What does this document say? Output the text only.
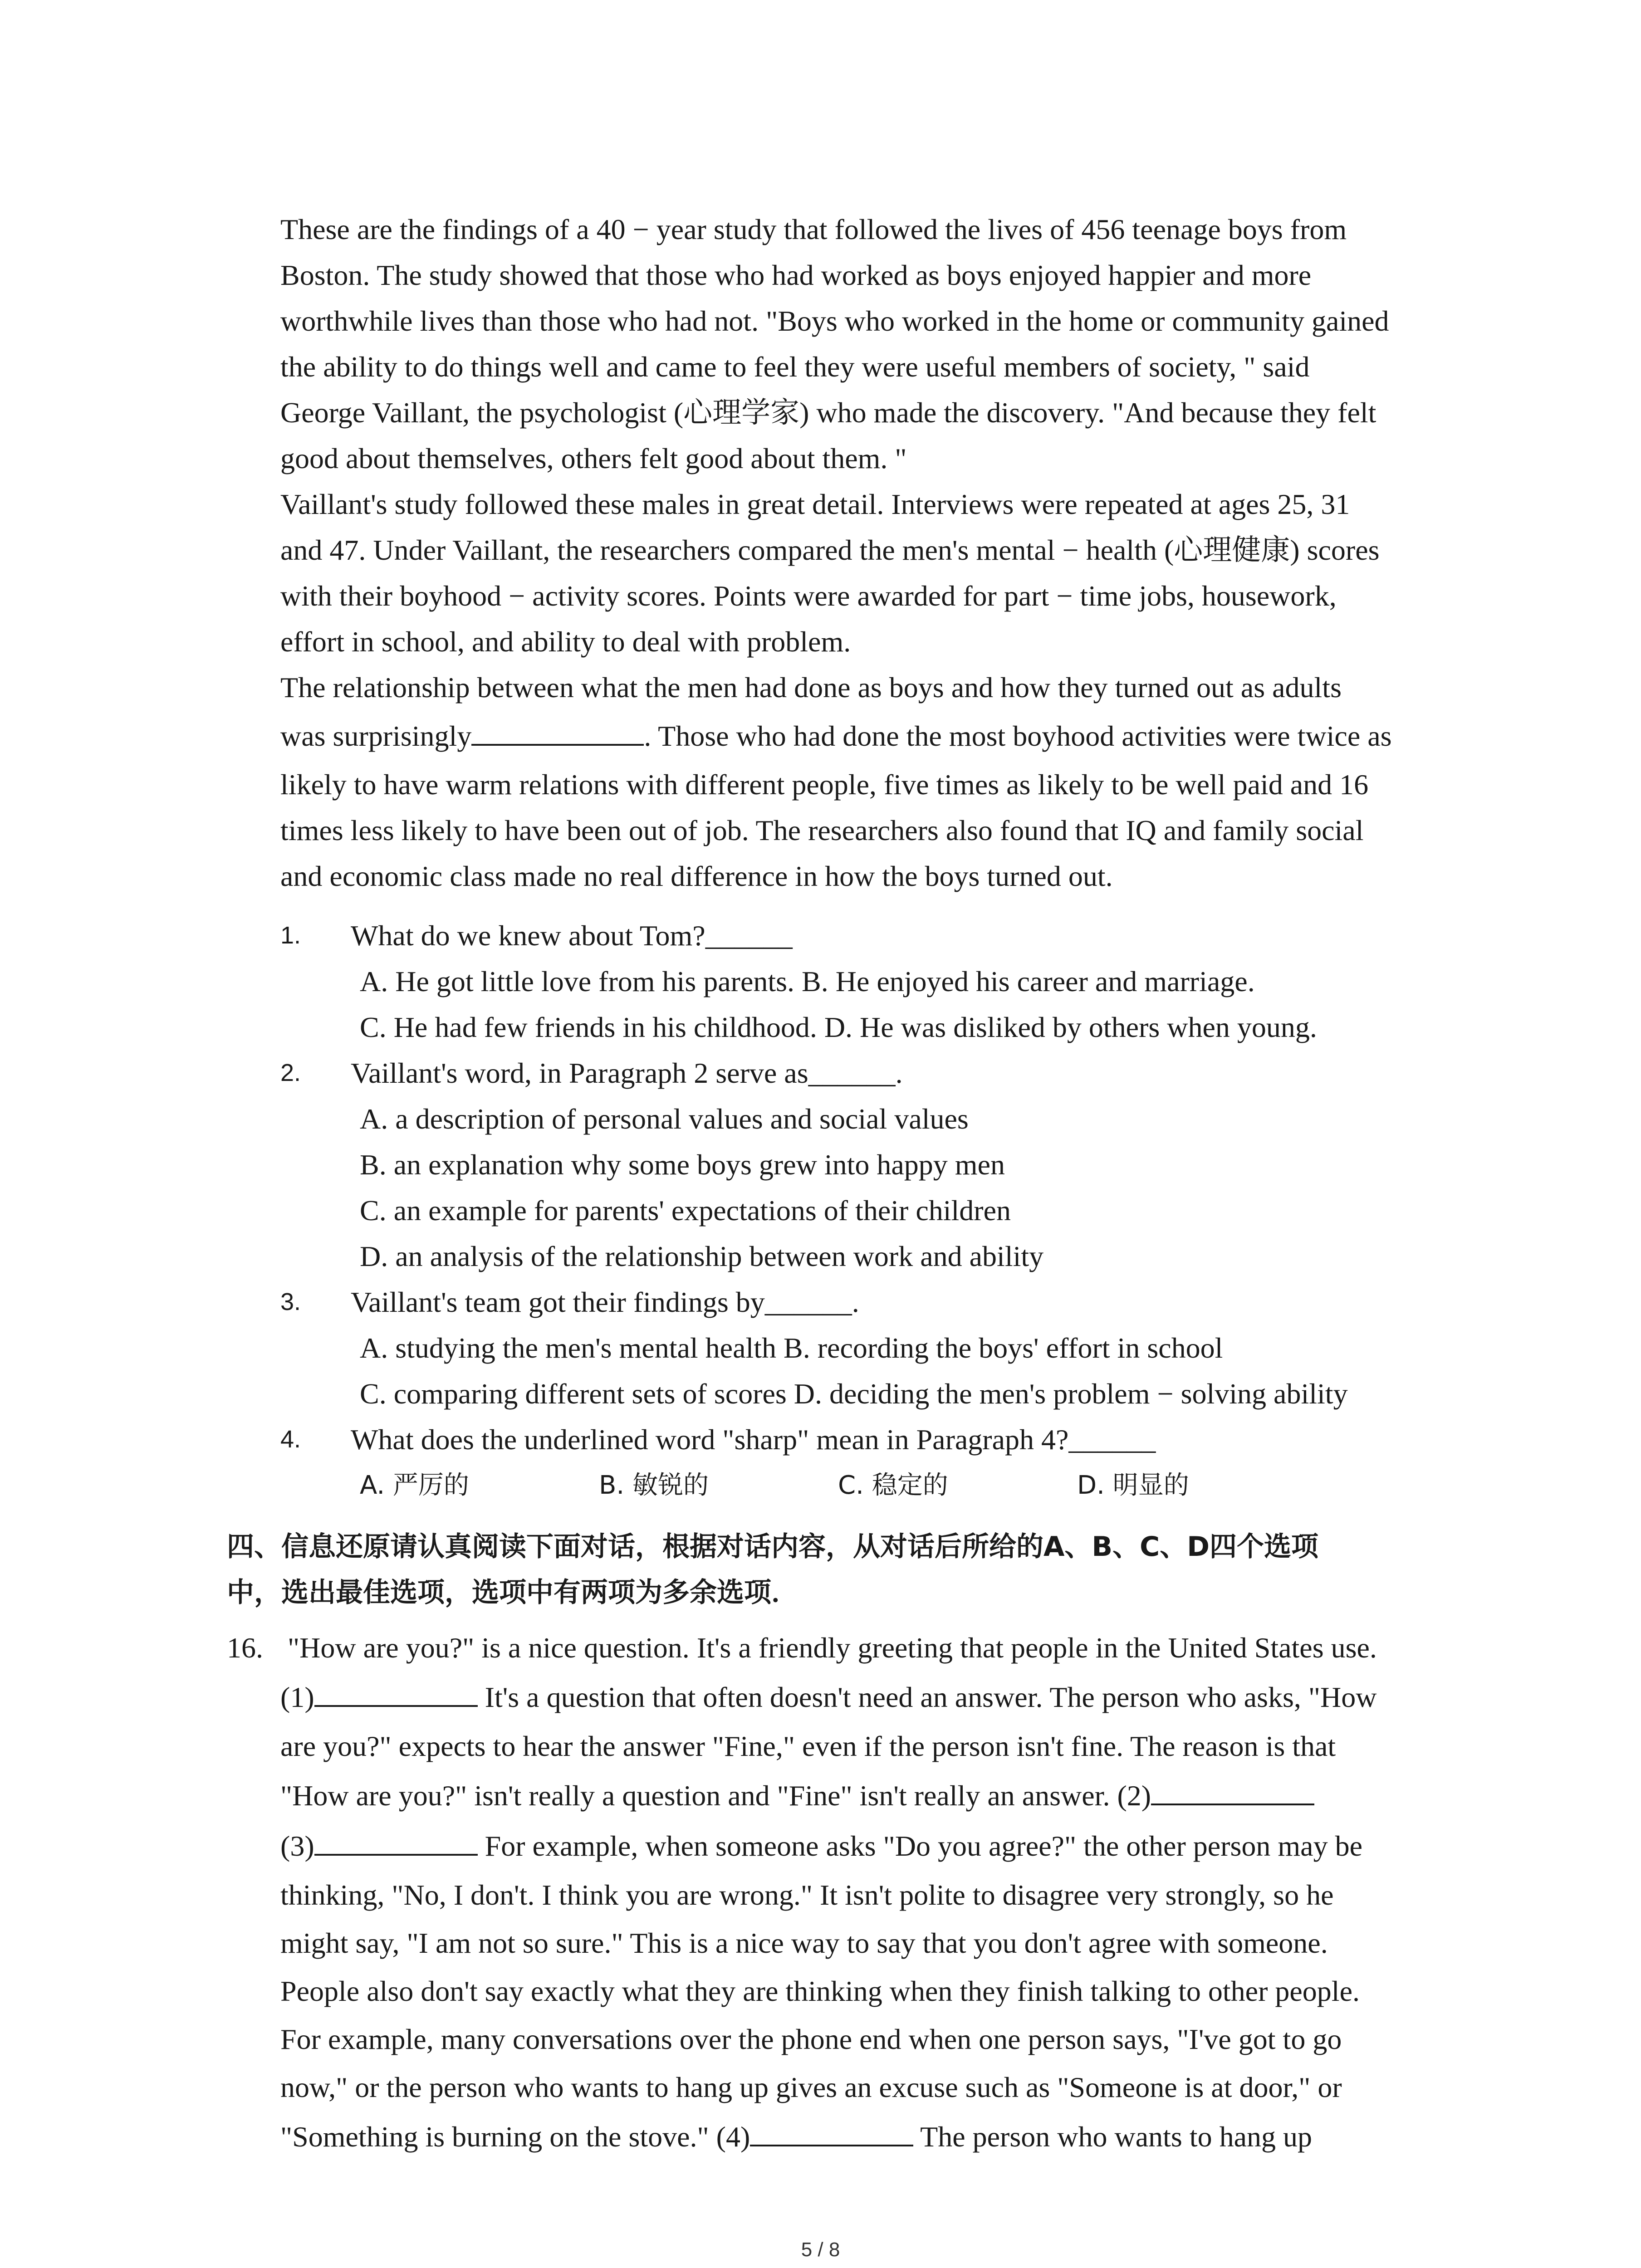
These are the findings of a 40 − year study that followed the lives of 456 teenage boys from
Boston. The study showed that those who had worked as boys enjoyed happier and more
worthwhile lives than those who had not. "Boys who worked in the home or community gained
the ability to do things well and came to feel they were useful members of society, " said
George Vaillant, the psychologist (心理学家) who made the discovery. "And because they felt
good about themselves, others felt good about them. "
Vaillant's study followed these males in great detail. Interviews were repeated at ages 25, 31
and 47. Under Vaillant, the researchers compared the men's mental − health (心理健康) scores
with their boyhood − activity scores. Points were awarded for part − time jobs, housework,
effort in school, and ability to deal with problem.
The relationship between what the men had done as boys and how they turned out as adults
was surprisingly	. Those who had done the most boyhood activities were twice as
likely to have warm relations with different people, five times as likely to be well paid and 16
times less likely to have been out of job. The researchers also found that IQ and family social
and economic class made no real difference in how the boys turned out.
1.	What do we knew about Tom?______
A. He got little love from his parents. B. He enjoyed his career and marriage.
C. He had few friends in his childhood. D. He was disliked by others when young.
2.	Vaillant's word, in Paragraph 2 serve as______.
A. a description of personal values and social values
B. an explanation why some boys grew into happy men
C. an example for parents' expectations of their children
D. an analysis of the relationship between work and ability
3.	Vaillant's team got their findings by______.
A. studying the men's mental health B. recording the boys' effort in school
C. comparing different sets of scores D. deciding the men's problem − solving ability
4.	What does the underlined word "sharp" mean in Paragraph 4?______
A. 严厉的	B. 敏锐的	C. 稳定的	D. 明显的
四、信息还原请认真阅读下面对话，根据对话内容，从对话后所给的A、B、C、D四个选项
中，选出最佳选项，选项中有两项为多余选项．
16. "How are you?" is a nice question. It's a friendly greeting that people in the United States use.
(1)	It's a question that often doesn't need an answer. The person who asks, "How
are you?" expects to hear the answer "Fine," even if the person isn't fine. The reason is that
"How are you?" isn't really a question and "Fine" isn't really an answer. (2)
(3)	For example, when someone asks "Do you agree?" the other person may be
thinking, "No, I don't. I think you are wrong." It isn't polite to disagree very strongly, so he
might say, "I am not so sure." This is a nice way to say that you don't agree with someone.
People also don't say exactly what they are thinking when they finish talking to other people.
For example, many conversations over the phone end when one person says, "I've got to go
now," or the person who wants to hang up gives an excuse such as "Someone is at door," or
"Something is burning on the stove." (4)	The person who wants to hang up
5 / 8
